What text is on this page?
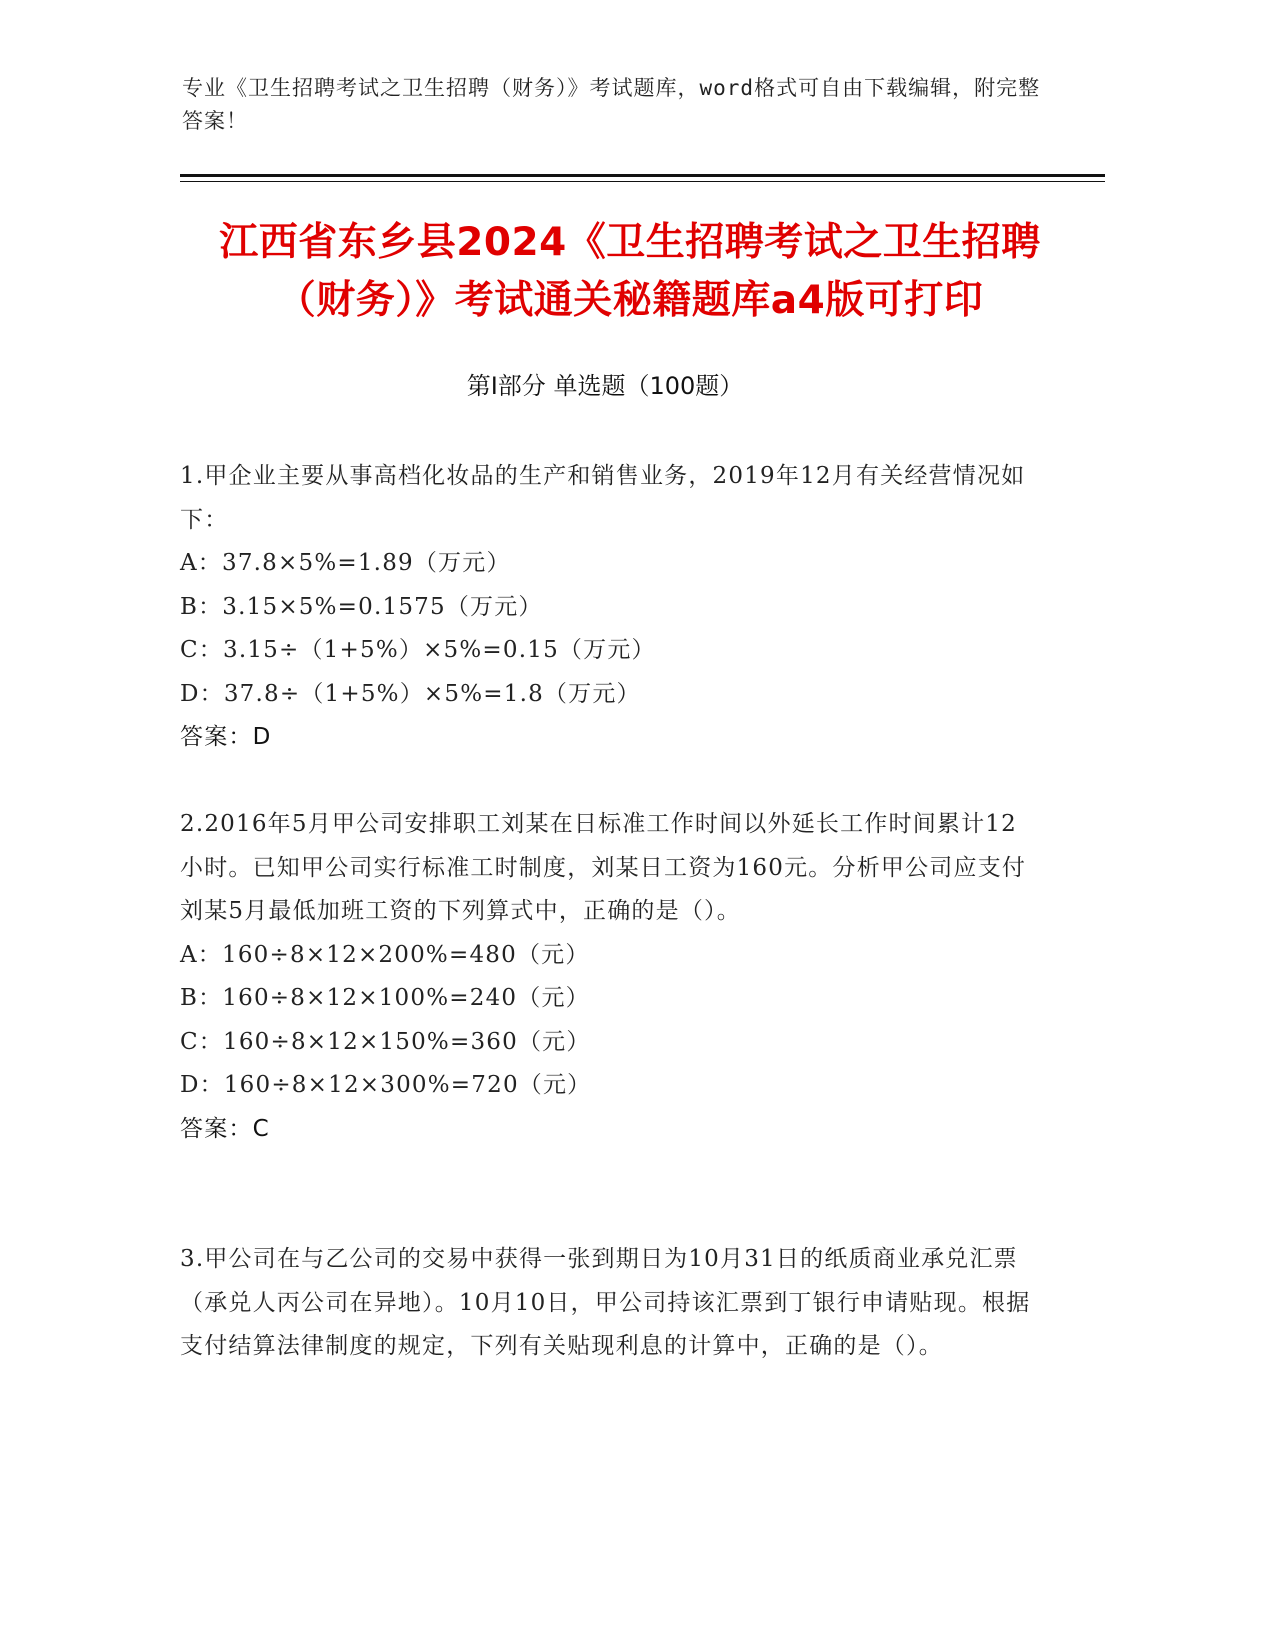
专业《卫生招聘考试之卫生招聘（财务）》考试题库，word格式可自由下载编辑，附完整答案！
江西省东乡县2024《卫生招聘考试之卫生招聘（财务）》考试通关秘籍题库a4版可打印
第Ⅰ部分 单选题（100题）
1.甲企业主要从事高档化妆品的生产和销售业务，2019年12月有关经营情况如下：
A：37.8×5%=1.89（万元）
B：3.15×5%=0.1575（万元）
C：3.15÷（1+5%）×5%=0.15（万元）
D：37.8÷（1+5%）×5%=1.8（万元）
答案：D
2.2016年5月甲公司安排职工刘某在日标准工作时间以外延长工作时间累计12小时。已知甲公司实行标准工时制度，刘某日工资为160元。分析甲公司应支付刘某5月最低加班工资的下列算式中，正确的是（）。
A：160÷8×12×200%=480（元）
B：160÷8×12×100%=240（元）
C：160÷8×12×150%=360（元）
D：160÷8×12×300%=720（元）
答案：C
3.甲公司在与乙公司的交易中获得一张到期日为10月31日的纸质商业承兑汇票（承兑人丙公司在异地）。10月10日，甲公司持该汇票到丁银行申请贴现。根据支付结算法律制度的规定，下列有关贴现利息的计算中，正确的是（）。
